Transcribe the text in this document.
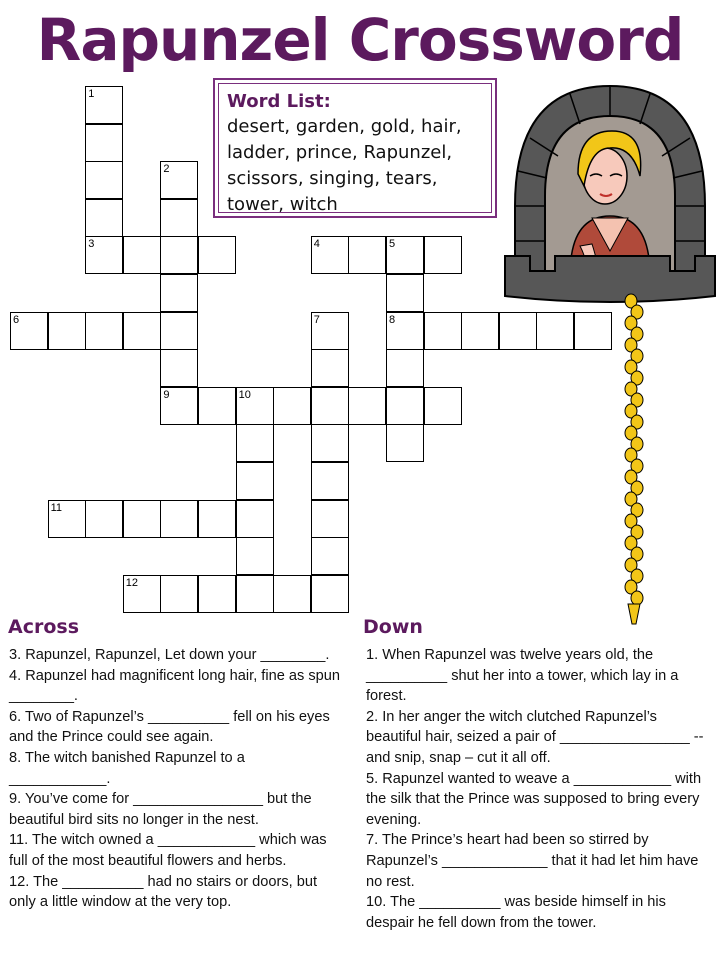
Rapunzel Crossword
Word List:
desert, garden, gold, hair,
ladder, prince, Rapunzel,
scissors, singing, tears,
tower, witch
1
3
2
4	5
8
6	7
9	10
11
12
Across

3. Rapunzel, Rapunzel, Let down your ________.

4. Rapunzel had magnificent long hair, fine as spun ________.

6. Two of Rapunzel’s __________ fell on his eyes and the Prince could see again.

8. The witch banished Rapunzel to a ____________.

9. You’ve come for ________________ but the beautiful bird sits no longer in the nest.

11. The witch owned a ____________ which was full of the most beautiful flowers and herbs.

12. The __________ had no stairs or doors, but only a little window at the very top.

Down

1. When Rapunzel was twelve years old, the __________ shut her into a tower, which lay in a forest.

2. In her anger the witch clutched Rapunzel’s beautiful hair, seized a pair of ________________ -- and snip, snap – cut it all off.

5. Rapunzel wanted to weave a ____________ with the silk that the Prince was supposed to bring every evening.

7. The Prince’s heart had been so stirred by Rapunzel’s _____________ that it had let him have no rest.

10. The __________ was beside himself in his despair he fell down from the tower.
